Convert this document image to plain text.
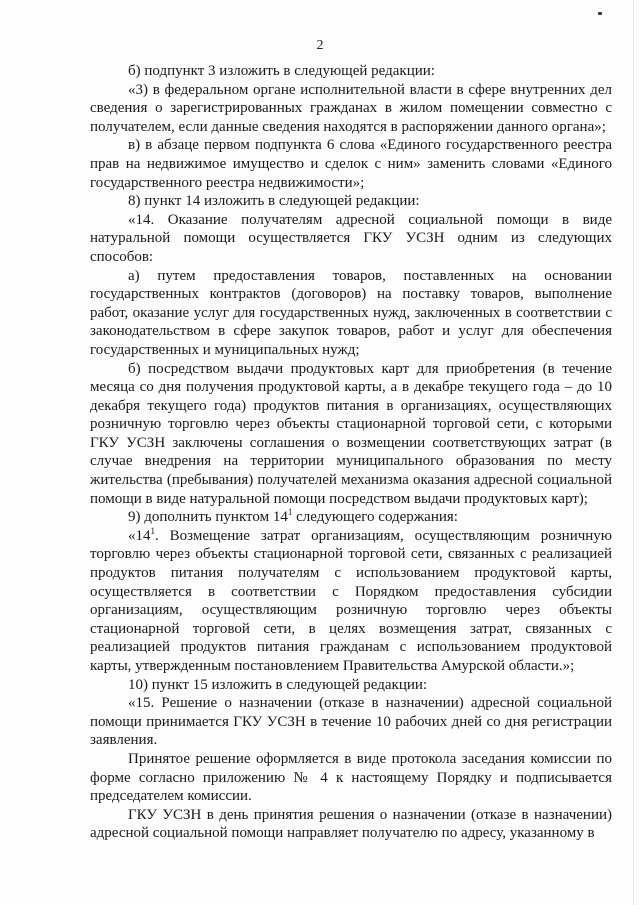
2

б) подпункт 3 изложить в следующей редакции:

«3) в федеральном органе исполнительной власти в сфере внутренних дел сведения о зарегистрированных гражданах в жилом помещении совместно с получателем, если данные сведения находятся в распоряжении данного органа»;

в) в абзаце первом подпункта 6 слова «Единого государственного реестра прав на недвижимое имущество и сделок с ним» заменить словами «Единого государственного реестра недвижимости»;

8) пункт 14 изложить в следующей редакции:

«14. Оказание получателям адресной социальной помощи в виде натуральной помощи осуществляется ГКУ УСЗН одним из следующих способов:

а) путем предоставления товаров, поставленных на основании государственных контрактов (договоров) на поставку товаров, выполнение работ, оказание услуг для государственных нужд, заключенных в соответствии с законодательством в сфере закупок товаров, работ и услуг для обеспечения государственных и муниципальных нужд;

б) посредством выдачи продуктовых карт для приобретения (в течение месяца со дня получения продуктовой карты, а в декабре текущего года – до 10 декабря текущего года) продуктов питания в организациях, осуществляющих розничную торговлю через объекты стационарной торговой сети, с которыми ГКУ УСЗН заключены соглашения о возмещении соответствующих затрат (в случае внедрения на территории муниципального образования по месту жительства (пребывания) получателей механизма оказания адресной социальной помощи в виде натуральной помощи посредством выдачи продуктовых карт);

9) дополнить пунктом $14^1$ следующего содержания:

«$14^1$. Возмещение затрат организациям, осуществляющим розничную торговлю через объекты стационарной торговой сети, связанных с реализацией продуктов питания получателям с использованием продуктовой карты, осуществляется в соответствии с Порядком предоставления субсидии организациям, осуществляющим розничную торговлю через объекты стационарной торговой сети, в целях возмещения затрат, связанных с реализацией продуктов питания гражданам с использованием продуктовой карты, утвержденным постановлением Правительства Амурской области.»;

10) пункт 15 изложить в следующей редакции:

«15. Решение о назначении (отказе в назначении) адресной социальной помощи принимается ГКУ УСЗН в течение 10 рабочих дней со дня регистрации заявления.

Принятое решение оформляется в виде протокола заседания комиссии по форме согласно приложению № 4 к настоящему Порядку и подписывается председателем комиссии.

ГКУ УСЗН в день принятия решения о назначении (отказе в назначении) адресной социальной помощи направляет получателю по адресу, указанному в
